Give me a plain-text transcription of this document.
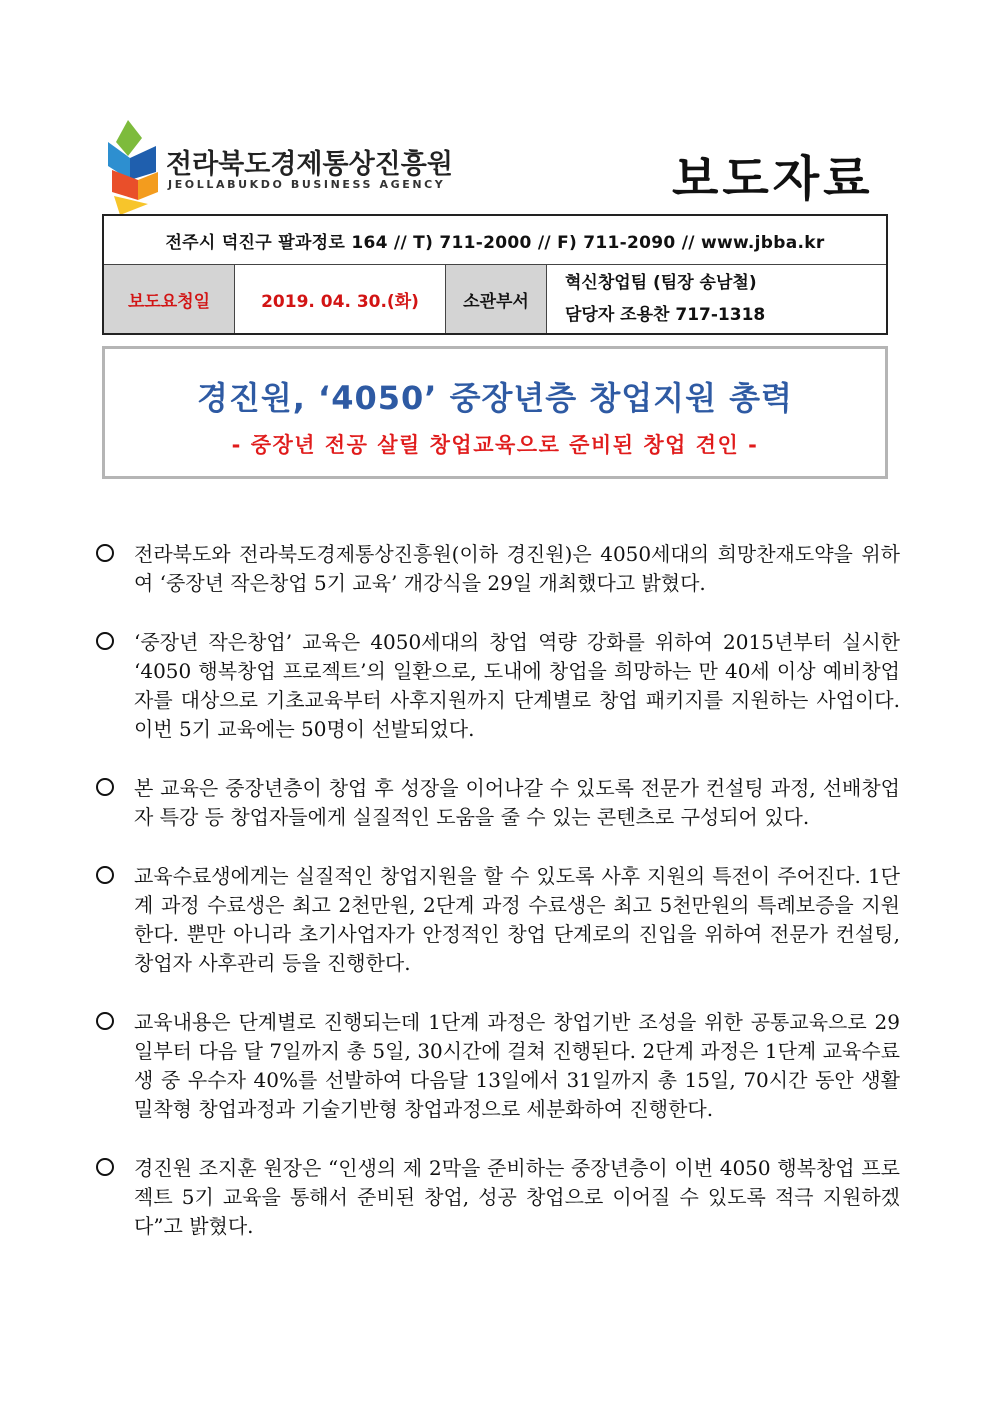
전라북도경제통상진흥원
JEOLLABUKDO BUSINESS AGENCY	보도자료
전주시 덕진구 팔과정로 164 // T) 711-2000 // F) 711-2090 // www.jbba.kr
보도요청일	2019. 04. 30.(화)	소관부서	
혁신창업팀 (팀장 송남철)
담당자 조용찬 717-1318
경진원, ‘4050’ 중장년층 창업지원 총력
- 중장년 전공 살릴 창업교육으로 준비된 창업 견인 -
전라북도와 전라북도경제통상진흥원(이하 경진원)은 4050세대의 희망찬재도약을 위하여 ‘중장년 작은창업 5기 교육’ 개강식을 29일 개최했다고 밝혔다.
‘중장년 작은창업’ 교육은 4050세대의 창업 역량 강화를 위하여 2015년부터 실시한 ‘4050 행복창업 프로젝트’의 일환으로, 도내에 창업을 희망하는 만 40세 이상 예비창업자를 대상으로 기초교육부터 사후지원까지 단계별로 창업 패키지를 지원하는 사업이다. 이번 5기 교육에는 50명이 선발되었다.
본 교육은 중장년층이 창업 후 성장을 이어나갈 수 있도록 전문가 컨설팅 과정, 선배창업자 특강 등 창업자들에게 실질적인 도움을 줄 수 있는 콘텐츠로 구성되어 있다.
교육수료생에게는 실질적인 창업지원을 할 수 있도록 사후 지원의 특전이 주어진다. 1단계 과정 수료생은 최고 2천만원, 2단계 과정 수료생은 최고 5천만원의 특례보증을 지원한다. 뿐만 아니라 초기사업자가 안정적인 창업 단계로의 진입을 위하여 전문가 컨설팅, 창업자 사후관리 등을 진행한다.
교육내용은 단계별로 진행되는데 1단계 과정은 창업기반 조성을 위한 공통교육으로 29일부터 다음 달 7일까지 총 5일, 30시간에 걸쳐 진행된다. 2단계 과정은 1단계 교육수료생 중 우수자 40%를 선발하여 다음달 13일에서 31일까지 총 15일, 70시간 동안 생활밀착형 창업과정과 기술기반형 창업과정으로 세분화하여 진행한다.
경진원 조지훈 원장은 “인생의 제 2막을 준비하는 중장년층이 이번 4050 행복창업 프로젝트 5기 교육을 통해서 준비된 창업, 성공 창업으로 이어질 수 있도록 적극 지원하겠다”고 밝혔다.
